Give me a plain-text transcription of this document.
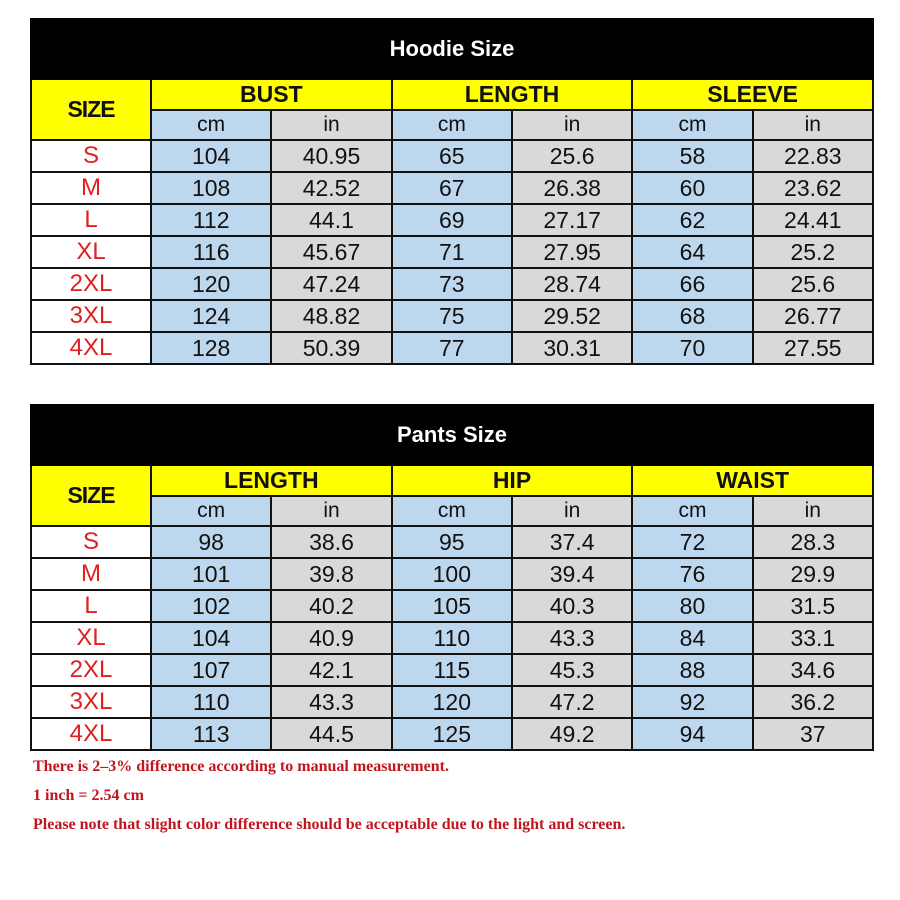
Hoodie Size						
SIZE	BUST		LENGTH		SLEEVE	
	cm	in	cm	in	cm	in
S	104	40.95	65	25.6	58	22.83
M	108	42.52	67	26.38	60	23.62
L	112	44.1	69	27.17	62	24.41
XL	116	45.67	71	27.95	64	25.2
2XL	120	47.24	73	28.74	66	25.6
3XL	124	48.82	75	29.52	68	26.77
4XL	128	50.39	77	30.31	70	27.55
Pants Size						
SIZE	LENGTH		HIP		WAIST	
	cm	in	cm	in	cm	in
S	98	38.6	95	37.4	72	28.3
M	101	39.8	100	39.4	76	29.9
L	102	40.2	105	40.3	80	31.5
XL	104	40.9	110	43.3	84	33.1
2XL	107	42.1	115	45.3	88	34.6
3XL	110	43.3	120	47.2	92	36.2
4XL	113	44.5	125	49.2	94	37

There is 2–3% difference according to manual measurement.

1 inch = 2.54 cm

Please note that slight color difference should be acceptable due to the light and screen.
